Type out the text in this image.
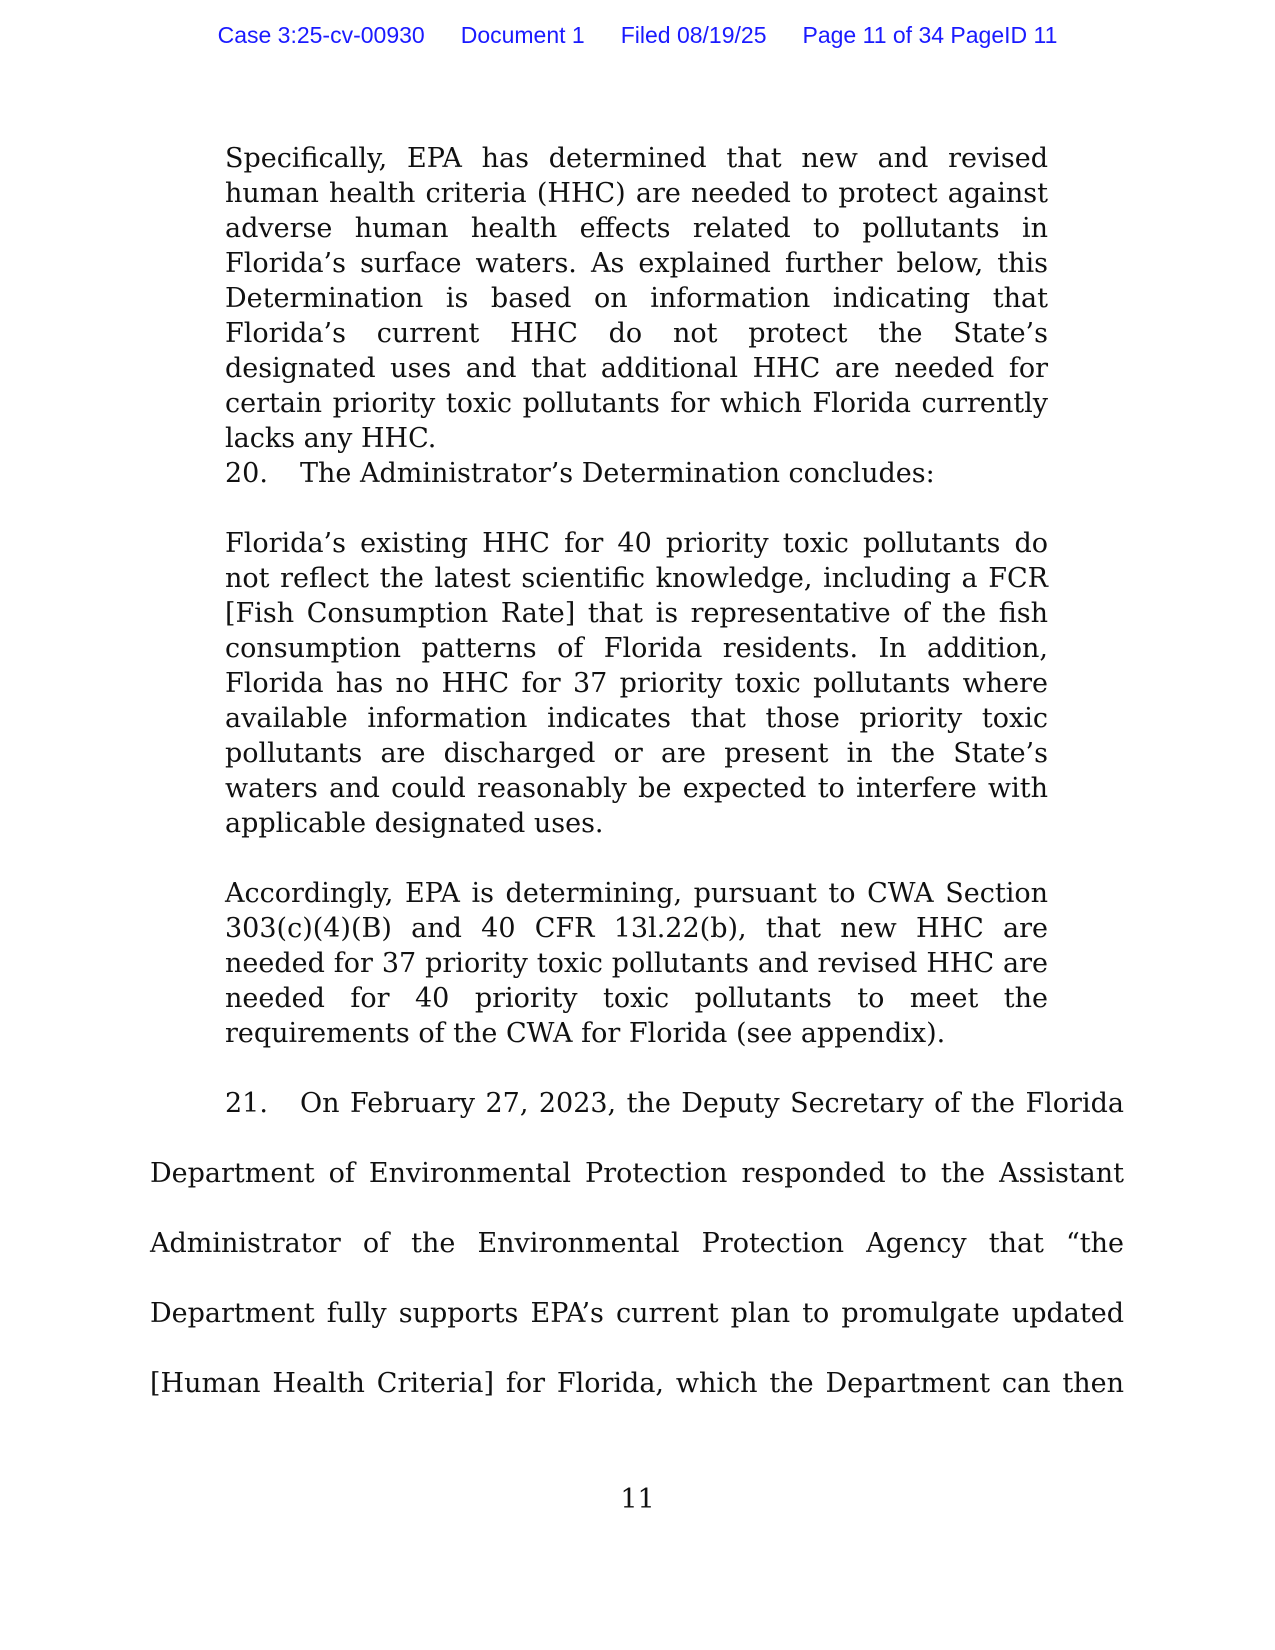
Case 3:25-cv-00930 Document 1 Filed 08/19/25 Page 11 of 34 PageID 11
Specifically, EPA has determined that new and revised human health criteria (HHC) are needed to protect against adverse human health effects related to pollutants in Florida’s surface waters. As explained further below, this Determination is based on information indicating that Florida’s current HHC do not protect the State’s designated uses and that additional HHC are needed for certain priority toxic pollutants for which Florida currently lacks any HHC.
20. The Administrator’s Determination concludes:
Florida’s existing HHC for 40 priority toxic pollutants do not reflect the latest scientific knowledge, including a FCR [Fish Consumption Rate] that is representative of the fish consumption patterns of Florida residents. In addition, Florida has no HHC for 37 priority toxic pollutants where available information indicates that those priority toxic pollutants are discharged or are present in the State’s waters and could reasonably be expected to interfere with applicable designated uses.
Accordingly, EPA is determining, pursuant to CWA Section 303(c)(4)(B) and 40 CFR 13l.22(b), that new HHC are needed for 37 priority toxic pollutants and revised HHC are needed for 40 priority toxic pollutants to meet the requirements of the CWA for Florida (see appendix).
21. On February 27, 2023, the Deputy Secretary of the Florida
Department of Environmental Protection responded to the Assistant
Administrator of the Environmental Protection Agency that “the
Department fully supports EPA’s current plan to promulgate updated
[Human Health Criteria] for Florida, which the Department can then
11
